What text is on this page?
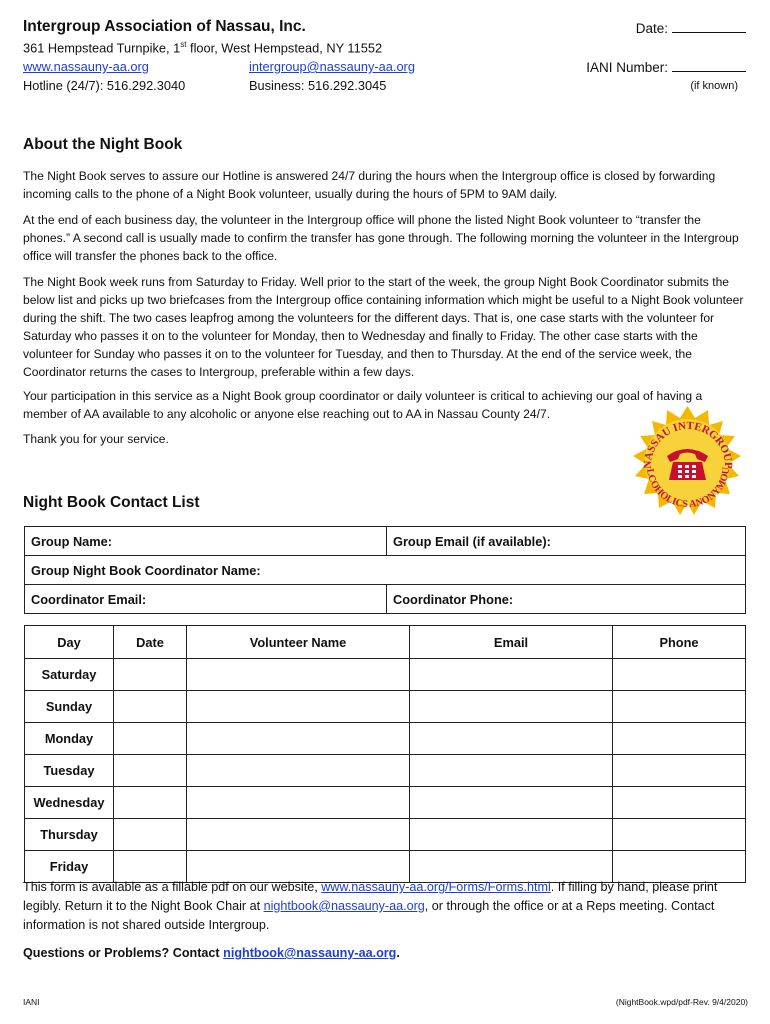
Intergroup Association of Nassau, Inc.
361 Hempstead Turnpike, 1st floor, West Hempstead, NY 11552
www.nassauny-aa.org	intergroup@nassauny-aa.org
Hotline (24/7): 516.292.3040	Business: 516.292.3045
Date:
IANI Number:
(if known)
About the Night Book

The Night Book serves to assure our Hotline is answered 24/7 during the hours when the Intergroup office is closed by forwarding incoming calls to the phone of a Night Book volunteer, usually during the hours of 5PM to 9AM daily.

At the end of each business day, the volunteer in the Intergroup office will phone the listed Night Book volunteer to “transfer the phones.” A second call is usually made to confirm the transfer has gone through. The following morning the volunteer in the Intergroup office will transfer the phones back to the office.

The Night Book week runs from Saturday to Friday. Well prior to the start of the week, the group Night Book Coordinator submits the below list and picks up two briefcases from the Intergroup office containing information which might be useful to a Night Book volunteer during the shift. The two cases leapfrog among the volunteers for the different days. That is, one case starts with the volunteer for Saturday who passes it on to the volunteer for Monday, then to Wednesday and finally to Friday. The other case starts with the volunteer for Sunday who passes it on to the volunteer for Tuesday, and then to Thursday. At the end of the service week, the Coordinator returns the cases to Intergroup, preferable within a few days.

Your participation in this service as a Night Book group coordinator or daily volunteer is critical to achieving our goal of having a member of AA available to any alcoholic or anyone else reaching out to AA in Nassau County 24/7.

Thank you for your service.

NASSAU INTERGROUP
LCOHOLICS ANONYMOU
Night Book Contact List
Group Name:	Group Email (if available):
Group Night Book Coordinator Name:	
Coordinator Email:	Coordinator Phone:
Day	Date	Volunteer Name	Email	Phone
Saturday				
Sunday				
Monday				
Tuesday				
Wednesday				
Thursday				
Friday				
This form is available as a fillable pdf on our website, www.nassauny-aa.org/Forms/Forms.html. If filling by hand, please print legibly. Return it to the Night Book Chair at nightbook@nassauny-aa.org, or through the office or at a Reps meeting. Contact information is not shared outside Intergroup.
Questions or Problems? Contact nightbook@nassauny-aa.org.
IANI	(NightBook.wpd/pdf-Rev. 9/4/2020)
